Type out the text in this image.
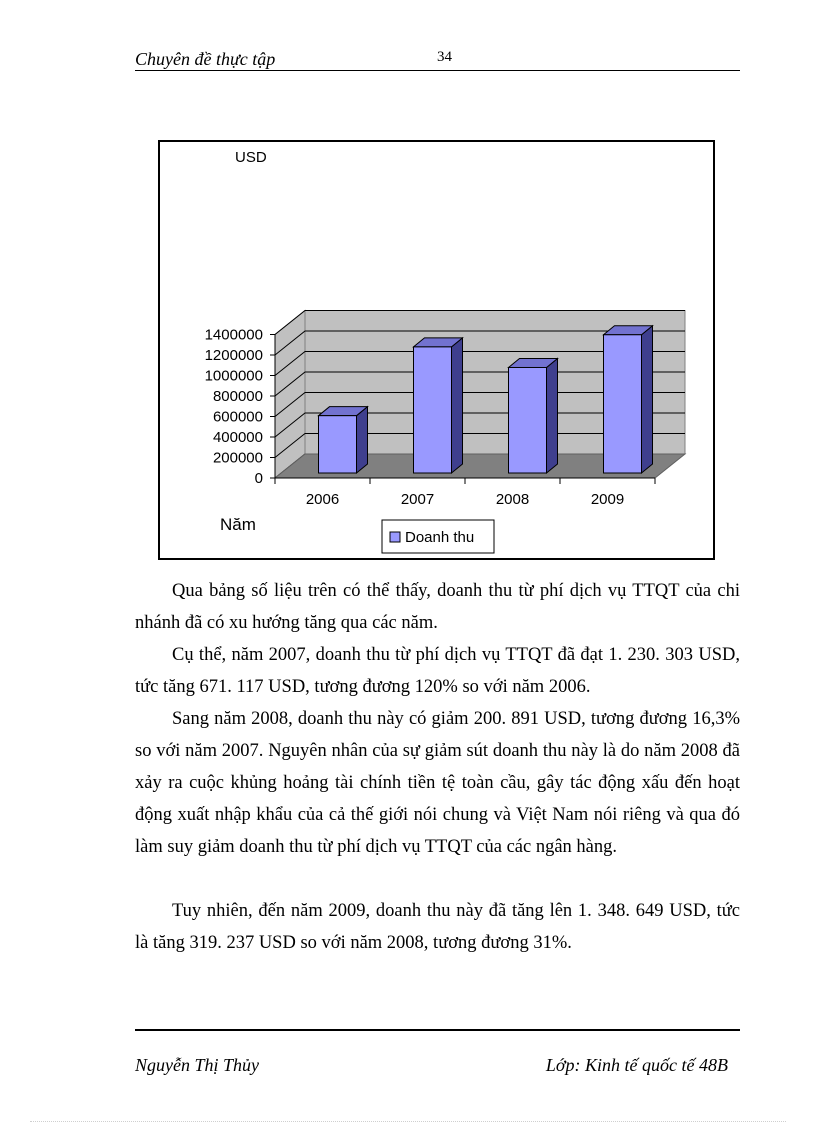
Chuyên đề thực tập	34
0
200000
400000
600000
800000
1000000
1200000
1400000
2006	2007	2008	2009
USD
Năm
Doanh thu

Qua bảng số liệu trên có thể thấy, doanh thu từ phí dịch vụ TTQT của chi nhánh đã có xu hướng tăng qua các năm.

Cụ thể, năm 2007, doanh thu từ phí dịch vụ TTQT đã đạt 1. 230. 303 USD, tức tăng 671. 117 USD, tương đương 120% so với năm 2006.

Sang năm 2008, doanh thu này có giảm 200. 891 USD, tương đương 16,3% so với năm 2007. Nguyên nhân của sự giảm sút doanh thu này là do năm 2008 đã xảy ra cuộc khủng hoảng tài chính tiền tệ toàn cầu, gây tác động xấu đến hoạt động xuất nhập khẩu của cả thế giới nói chung và Việt Nam nói riêng và qua đó làm suy giảm doanh thu từ phí dịch vụ TTQT của các ngân hàng.

Tuy nhiên, đến năm 2009, doanh thu này đã tăng lên 1. 348. 649 USD, tức là tăng 319. 237 USD so với năm 2008, tương đương 31%.

Nguyễn Thị Thủy	Lớp: Kinh tế quốc tế 48B
